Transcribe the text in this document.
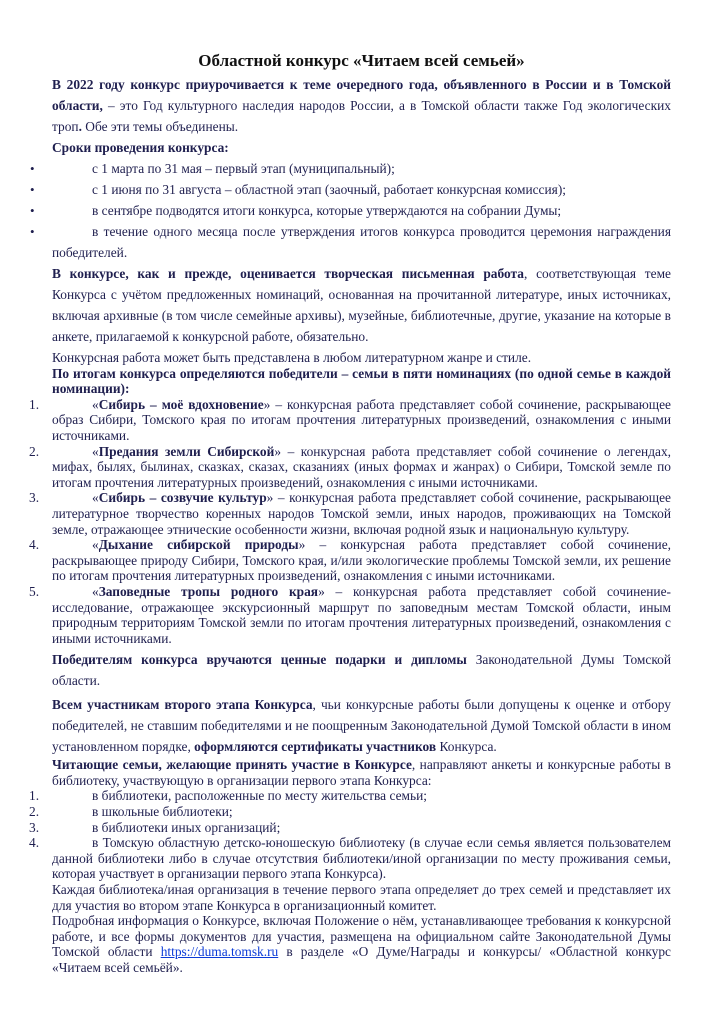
Областной конкурс «Читаем всей семьей»
В 2022 году конкурс приурочивается к теме очередного года, объявленного в России и в Томской области, – это Год культурного наследия народов России, а в Томской области также Год экологических троп. Обе эти темы объединены.
Сроки проведения конкурса:
•	с 1 марта по 31 мая – первый этап (муниципальный);
•	с 1 июня по 31 августа – областной этап (заочный, работает конкурсная комиссия);
•	в сентябре подводятся итоги конкурса, которые утверждаются на собрании Думы;
•	в течение одного месяца после утверждения итогов конкурса проводится церемония награждения победителей.
В конкурсе, как и прежде, оценивается творческая письменная работа, соответствующая теме Конкурса с учётом предложенных номинаций, основанная на прочитанной литературе, иных источниках, включая архивные (в том числе семейные архивы), музейные, библиотечные, другие, указание на которые в анкете, прилагаемой к конкурсной работе, обязательно.
Конкурсная работа может быть представлена в любом литературном жанре и стиле.
По итогам конкурса определяются победители – семьи в пяти номинациях (по одной семье в каждой номинации):
1.	«Сибирь – моё вдохновение» – конкурсная работа представляет собой сочинение, раскрывающее образ Сибири, Томского края по итогам прочтения литературных произведений, ознакомления с иными источниками.
2.	«Предания земли Сибирской» – конкурсная работа представляет собой сочинение о легендах, мифах, былях, былинах, сказках, сказах, сказаниях (иных формах и жанрах) о Сибири, Томской земле по итогам прочтения литературных произведений, ознакомления с иными источниками.
3.	«Сибирь – созвучие культур» – конкурсная работа представляет собой сочинение, раскрывающее литературное творчество коренных народов Томской земли, иных народов, проживающих на Томской земле, отражающее этнические особенности жизни, включая родной язык и национальную культуру.
4.	«Дыхание сибирской природы» – конкурсная работа представляет собой сочинение, раскрывающее природу Сибири, Томского края, и/или экологические проблемы Томской земли, их решение по итогам прочтения литературных произведений, ознакомления с иными источниками.
5.	«Заповедные тропы родного края» – конкурсная работа представляет собой сочинение-исследование, отражающее экскурсионный маршрут по заповедным местам Томской области, иным природным территориям Томской земли по итогам прочтения литературных произведений, ознакомления с иными источниками.
Победителям конкурса вручаются ценные подарки и дипломы Законодательной Думы Томской области.
Всем участникам второго этапа Конкурса, чьи конкурсные работы были допущены к оценке и отбору победителей, не ставшим победителями и не поощренным Законодательной Думой Томской области в ином установленном порядке, оформляются сертификаты участников Конкурса.
Читающие семьи, желающие принять участие в Конкурсе, направляют анкеты и конкурсные работы в библиотеку, участвующую в организации первого этапа Конкурса:
1.	в библиотеки, расположенные по месту жительства семьи;
2.	в школьные библиотеки;
3.	в библиотеки иных организаций;
4.	в Томскую областную детско-юношескую библиотеку (в случае если семья является пользователем данной библиотеки либо в случае отсутствия библиотеки/иной организации по месту проживания семьи, которая участвует в организации первого этапа Конкурса).
Каждая библиотека/иная организация в течение первого этапа определяет до трех семей и представляет их для участия во втором этапе Конкурса в организационный комитет.
Подробная информация о Конкурсе, включая Положение о нём, устанавливающее требования к конкурсной работе, и все формы документов для участия, размещена на официальном сайте Законодательной Думы Томской области https://duma.tomsk.ru в разделе «О Думе/Награды и конкурсы/ «Областной конкурс «Читаем всей семьёй».
